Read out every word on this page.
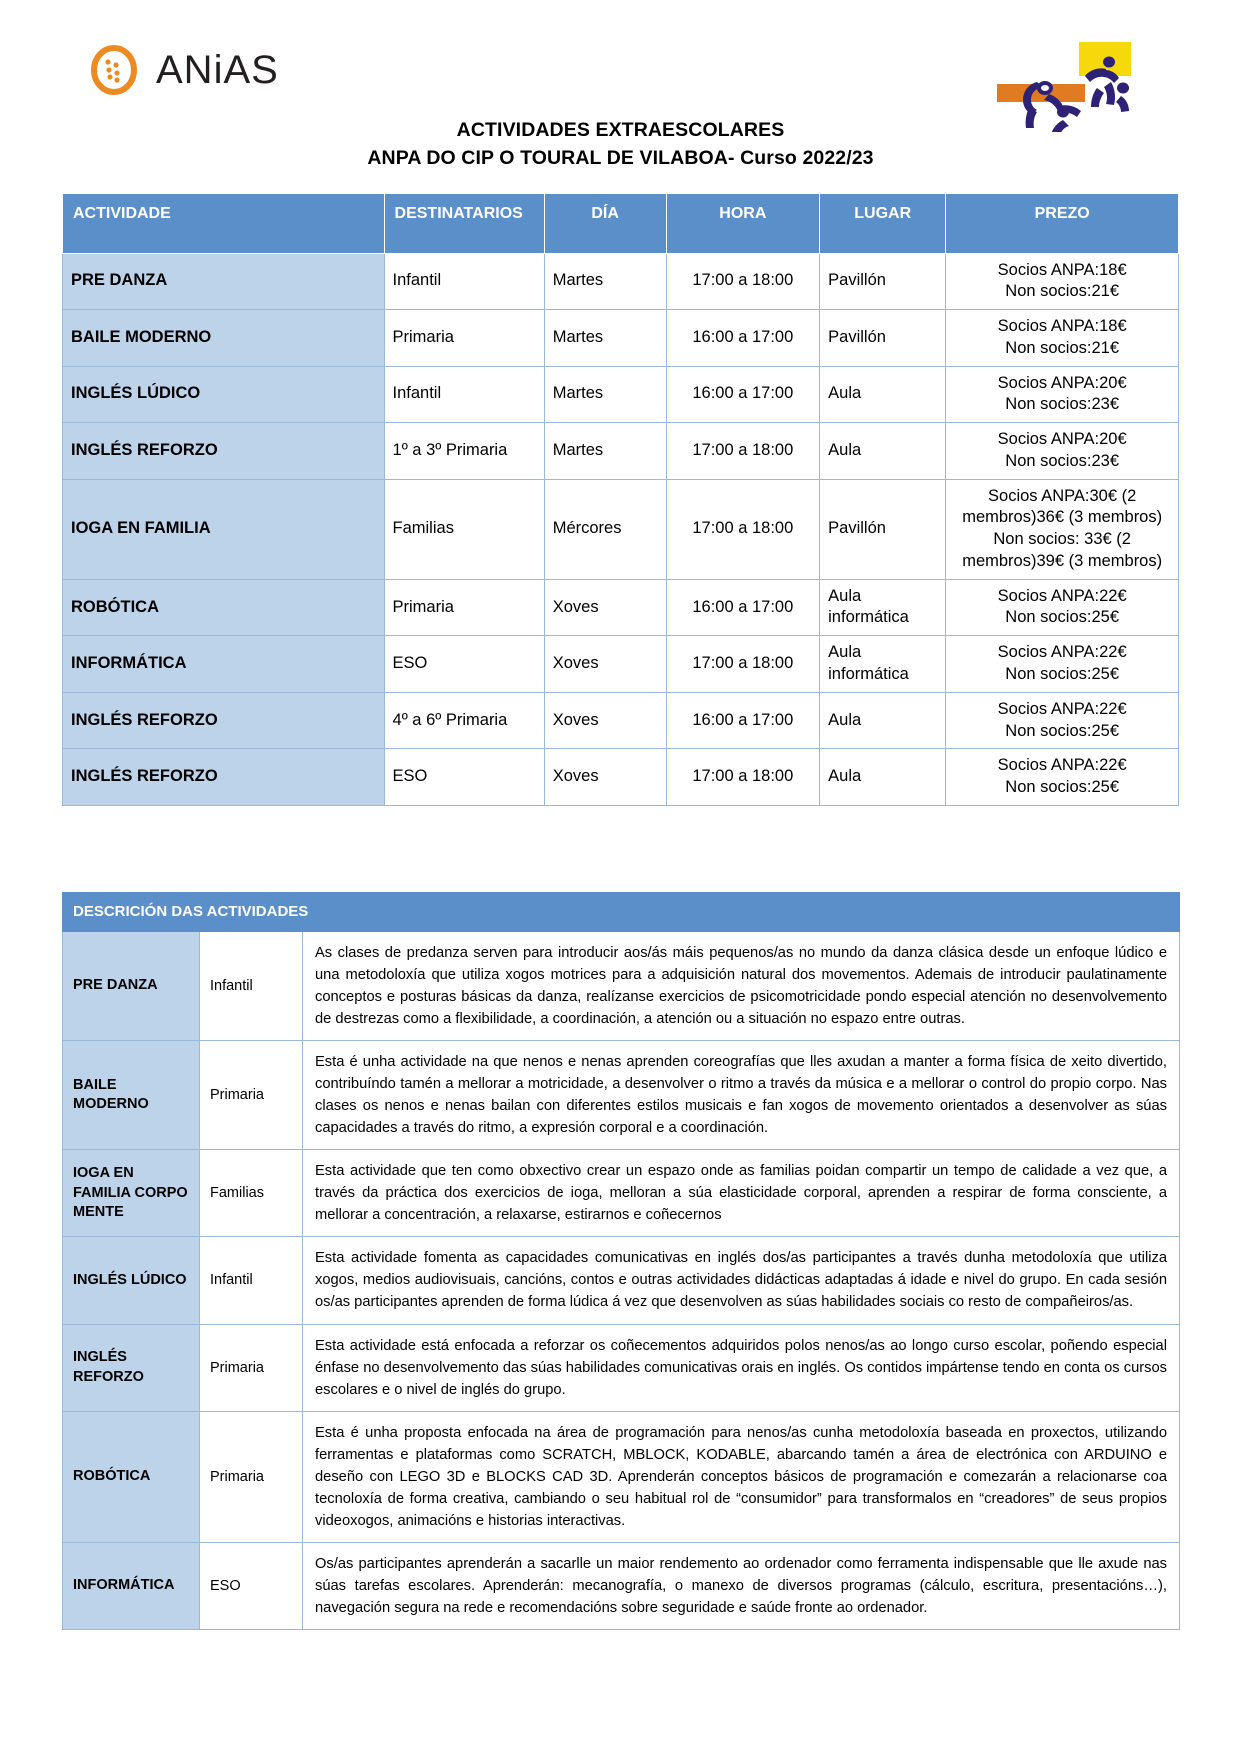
ANiAS
ACTIVIDADES EXTRAESCOLARES
ANPA DO CIP O TOURAL DE VILABOA- Curso 2022/23
ACTIVIDADE	DESTINATARIOS	DÍA	HORA	LUGAR	PREZO
PRE DANZA	Infantil	Martes	17:00 a 18:00	Pavillón	Socios ANPA:18€
Non socios:21€

BAILE MODERNO	Primaria	Martes	16:00 a 17:00	Pavillón	Socios ANPA:18€
Non socios:21€

INGLÉS LÚDICO	Infantil	Martes	16:00 a 17:00	Aula	Socios ANPA:20€
Non socios:23€

INGLÉS REFORZO	1º a 3º Primaria	Martes	17:00 a 18:00	Aula	Socios ANPA:20€
Non socios:23€

IOGA EN FAMILIA	Familias	Mércores	17:00 a 18:00	Pavillón	Socios ANPA:30€ (2 membros)36€ (3 membros)
Non socios: 33€ (2 membros)39€ (3 membros)

ROBÓTICA	Primaria	Xoves	16:00 a 17:00	Aula informática	Socios ANPA:22€
Non socios:25€

INFORMÁTICA	ESO	Xoves	17:00 a 18:00	Aula informática	Socios ANPA:22€
Non socios:25€

INGLÉS REFORZO	4º a 6º Primaria	Xoves	16:00 a 17:00	Aula	Socios ANPA:22€
Non socios:25€

INGLÉS REFORZO	ESO	Xoves	17:00 a 18:00	Aula	Socios ANPA:22€
Non socios:25€
DESCRICIÓN DAS ACTIVIDADES		
PRE DANZA	Infantil	As clases de predanza serven para introducir aos/ás máis pequenos/as no mundo da danza clásica desde un enfoque lúdico e una metodoloxía que utiliza xogos motrices para a adquisición natural dos movementos. Ademais de introducir paulatinamente conceptos e posturas básicas da danza, realízanse exercicios de psicomotricidade pondo especial atención no desenvolvemento de destrezas como a flexibilidade, a coordinación, a atención ou a situación no espazo entre outras.
BAILE MODERNO	Primaria	Esta é unha actividade na que nenos e nenas aprenden coreografías que lles axudan a manter a forma física de xeito divertido, contribuíndo tamén a mellorar a motricidade, a desenvolver o ritmo a través da música e a mellorar o control do propio corpo. Nas clases os nenos e nenas bailan con diferentes estilos musicais e fan xogos de movemento orientados a desenvolver as súas capacidades a través do ritmo, a expresión corporal e a coordinación.
IOGA EN FAMILIA CORPO MENTE	Familias	Esta actividade que ten como obxectivo crear un espazo onde as familias poidan compartir un tempo de calidade a vez que, a través da práctica dos exercicios de ioga, melloran a súa elasticidade corporal, aprenden a respirar de forma consciente, a mellorar a concentración, a relaxarse, estirarnos e coñecernos
INGLÉS LÚDICO	Infantil	Esta actividade fomenta as capacidades comunicativas en inglés dos/as participantes a través dunha metodoloxía que utiliza xogos, medios audiovisuais, cancións, contos e outras actividades didácticas adaptadas á idade e nivel do grupo. En cada sesión os/as participantes aprenden de forma lúdica á vez que desenvolven as súas habilidades sociais co resto de compañeiros/as.
INGLÉS REFORZO	Primaria	Esta actividade está enfocada a reforzar os coñecementos adquiridos polos nenos/as ao longo curso escolar, poñendo especial énfase no desenvolvemento das súas habilidades comunicativas orais en inglés. Os contidos impártense tendo en conta os cursos escolares e o nivel de inglés do grupo.
ROBÓTICA	Primaria	Esta é unha proposta enfocada na área de programación para nenos/as cunha metodoloxía baseada en proxectos, utilizando ferramentas e plataformas como SCRATCH, MBLOCK, KODABLE, abarcando tamén a área de electrónica con ARDUINO e deseño con LEGO 3D e BLOCKS CAD 3D. Aprenderán conceptos básicos de programación e comezarán a relacionarse coa tecnoloxía de forma creativa, cambiando o seu habitual rol de “consumidor” para transformalos en “creadores” de seus propios videoxogos, animacións e historias interactivas.
INFORMÁTICA	ESO	Os/as participantes aprenderán a sacarlle un maior rendemento ao ordenador como ferramenta indispensable que lle axude nas súas tarefas escolares. Aprenderán: mecanografía, o manexo de diversos programas (cálculo, escritura, presentacións…), navegación segura na rede e recomendacións sobre seguridade e saúde fronte ao ordenador.
